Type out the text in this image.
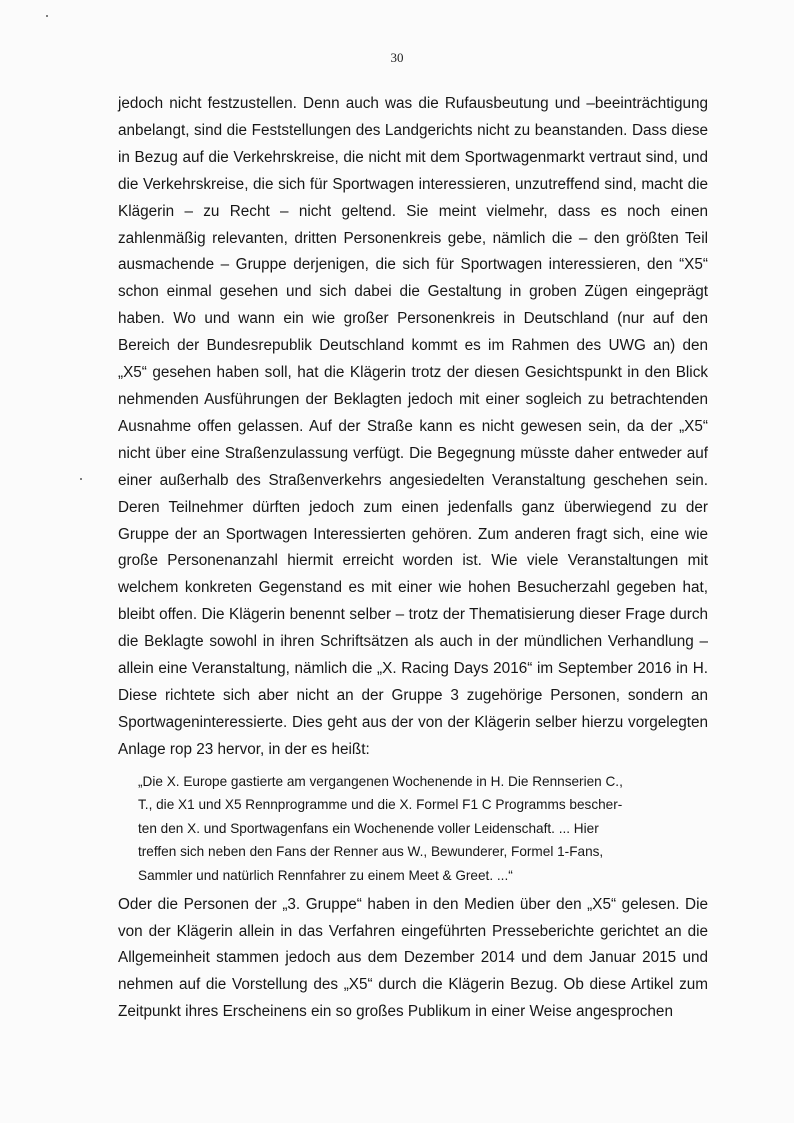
30

jedoch nicht festzustellen. Denn auch was die Rufausbeutung und –beeinträchtigung anbelangt, sind die Feststellungen des Landgerichts nicht zu beanstanden. Dass diese in Bezug auf die Verkehrskreise, die nicht mit dem Sportwagenmarkt vertraut sind, und die Verkehrskreise, die sich für Sportwagen interessieren, unzutreffend sind, macht die Klägerin – zu Recht – nicht geltend. Sie meint vielmehr, dass es noch einen zahlenmäßig relevanten, dritten Personenkreis gebe, nämlich die – den größten Teil ausmachende – Gruppe derjenigen, die sich für Sportwagen interessieren, den “X5“ schon einmal gesehen und sich dabei die Gestaltung in groben Zügen eingeprägt haben. Wo und wann ein wie großer Personenkreis in Deutschland (nur auf den Bereich der Bundesrepublik Deutschland kommt es im Rahmen des UWG an) den „X5“ gesehen haben soll, hat die Klägerin trotz der diesen Gesichtspunkt in den Blick nehmenden Ausführungen der Beklagten jedoch mit einer sogleich zu betrachtenden Ausnahme offen gelassen. Auf der Straße kann es nicht gewesen sein, da der „X5“ nicht über eine Straßenzulassung verfügt. Die Begegnung müsste daher entweder auf einer außerhalb des Straßenverkehrs angesiedelten Veranstaltung geschehen sein. Deren Teilnehmer dürften jedoch zum einen jedenfalls ganz überwiegend zu der Gruppe der an Sportwagen Interessierten gehören. Zum anderen fragt sich, eine wie große Personenanzahl hiermit erreicht worden ist. Wie viele Veranstaltungen mit welchem konkreten Gegenstand es mit einer wie hohen Besucherzahl gegeben hat, bleibt offen. Die Klägerin benennt selber – trotz der Thematisierung dieser Frage durch die Beklagte sowohl in ihren Schriftsätzen als auch in der mündlichen Verhandlung – allein eine Veranstaltung, nämlich die „X. Racing Days 2016“ im September 2016 in H. Diese richtete sich aber nicht an der Gruppe 3 zugehörige Personen, sondern an Sportwageninteressierte. Dies geht aus der von der Klägerin selber hierzu vorgelegten Anlage rop 23 hervor, in der es heißt:

„Die X. Europe gastierte am vergangenen Wochenende in H. Die Rennserien C.,
T., die X1 und X5 Rennprogramme und die X. Formel F1 C Programms bescher-
ten den X. und Sportwagenfans ein Wochenende voller Leidenschaft. ... Hier
treffen sich neben den Fans der Renner aus W., Bewunderer, Formel 1-Fans,
Sammler und natürlich Rennfahrer zu einem Meet & Greet. ...“

Oder die Personen der „3. Gruppe“ haben in den Medien über den „X5“ gelesen. Die von der Klägerin allein in das Verfahren eingeführten Presseberichte gerichtet an die Allgemeinheit stammen jedoch aus dem Dezember 2014 und dem Januar 2015 und nehmen auf die Vorstellung des „X5“ durch die Klägerin Bezug. Ob diese Artikel zum Zeitpunkt ihres Erscheinens ein so großes Publikum in einer Weise angesprochen
